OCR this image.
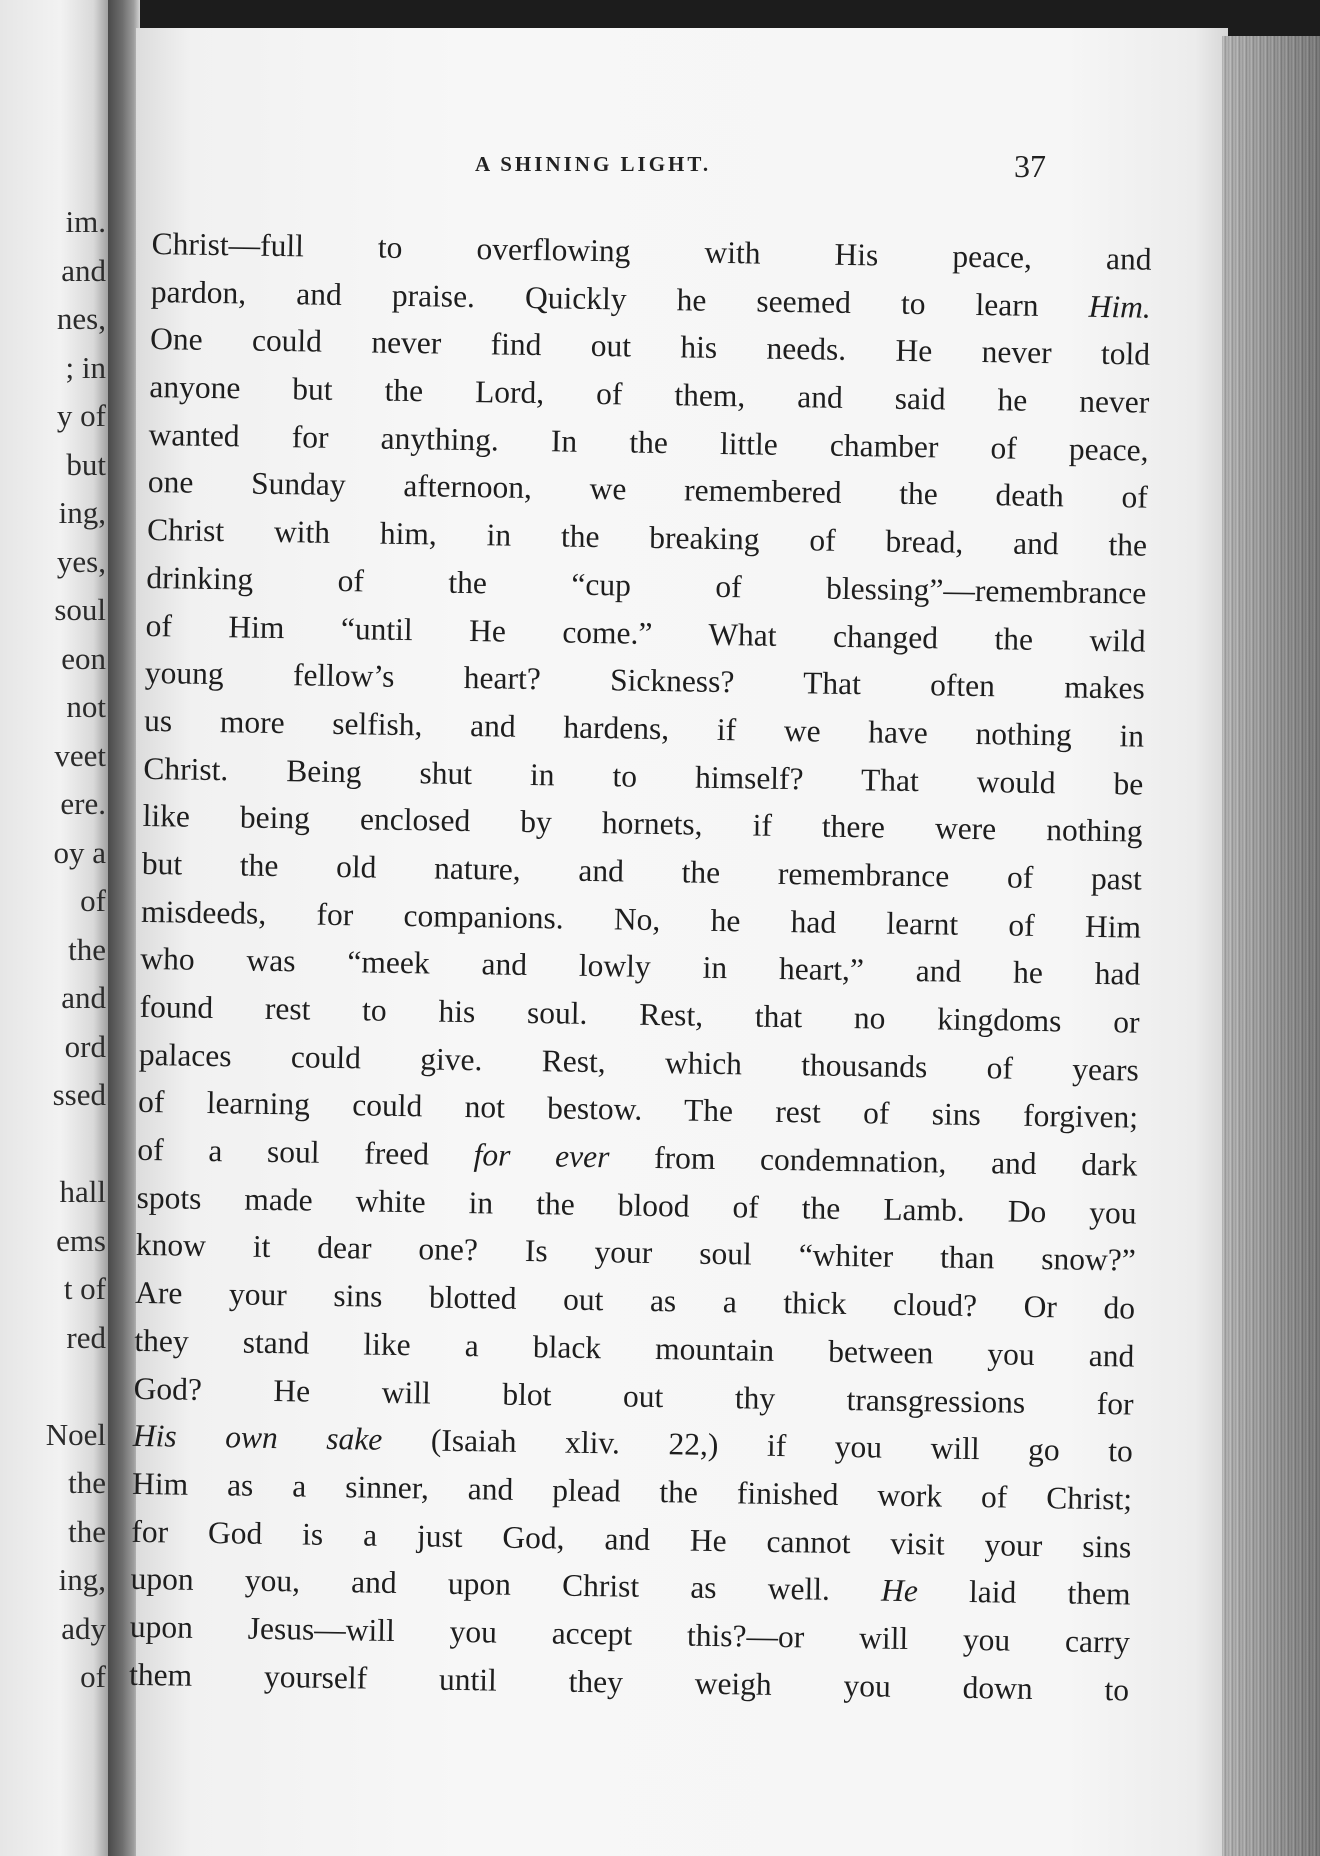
im.
and
nes,
; in
y of
but
ing,
yes,
soul
eon
not
veet
ere.
oy a
of
the
and
ord
ssed
hall
ems
t of
red
Noel
the
the
ing,
ady
of
A SHINING LIGHT.	37
Christ—full to overflowing with His peace, and
pardon, and praise. Quickly he seemed to learn Him.
One could never find out his needs. He never told
anyone but the Lord, of them, and said he never
wanted for anything. In the little chamber of peace,
one Sunday afternoon, we remembered the death of
Christ with him, in the breaking of bread, and the
drinking of the “cup of blessing”—remembrance
of Him “until He come.” What changed the wild
young fellow’s heart? Sickness? That often makes
us more selfish, and hardens, if we have nothing in
Christ. Being shut in to himself? That would be
like being enclosed by hornets, if there were nothing
but the old nature, and the remembrance of past
misdeeds, for companions. No, he had learnt of Him
who was “meek and lowly in heart,” and he had
found rest to his soul. Rest, that no kingdoms or
palaces could give. Rest, which thousands of years
of learning could not bestow. The rest of sins forgiven;
of a soul freed for ever from condemnation, and dark
spots made white in the blood of the Lamb. Do you
know it dear one? Is your soul “whiter than snow?”
Are your sins blotted out as a thick cloud? Or do
they stand like a black mountain between you and
God? He will blot out thy transgressions for
His own sake (Isaiah xliv. 22,) if you will go to
Him as a sinner, and plead the finished work of Christ;
for God is a just God, and He cannot visit your sins
upon you, and upon Christ as well. He laid them
upon Jesus—will you accept this?—or will you carry
them yourself until they weigh you down to
